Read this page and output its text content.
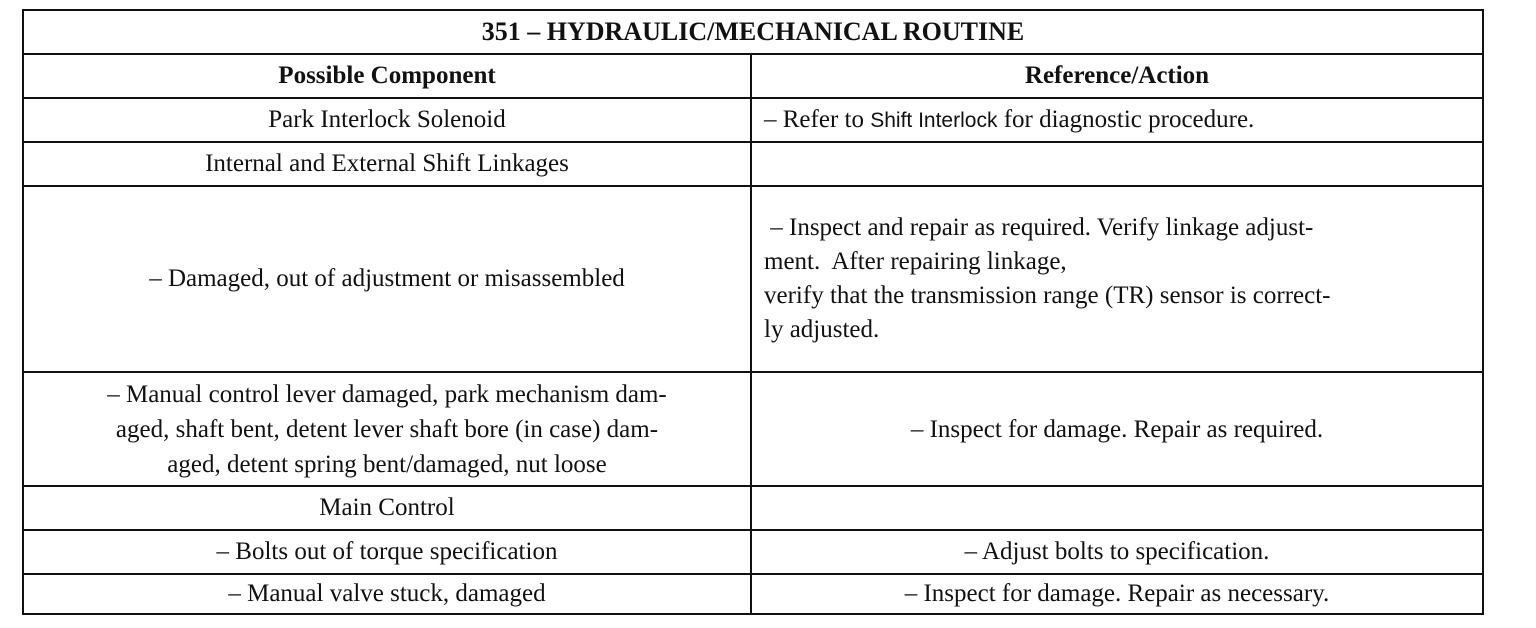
351 – HYDRAULIC/MECHANICAL ROUTINE	
Possible Component	Reference/Action
Park Interlock Solenoid	– Refer to Shift Interlock for diagnostic procedure.
Internal and External Shift Linkages	
– Damaged, out of adjustment or misassembled	– Inspect and repair as required. Verify linkage adjust-
ment.  After repairing linkage,
verify that the transmission range (TR) sensor is correct-
ly adjusted.

– Manual control lever damaged, park mechanism dam-
aged, shaft bent, detent lever shaft bore (in case) dam-
aged, detent spring bent/damaged, nut loose	– Inspect for damage. Repair as required.
Main Control	
– Bolts out of torque specification	– Adjust bolts to specification.
– Manual valve stuck, damaged	– Inspect for damage. Repair as necessary.
